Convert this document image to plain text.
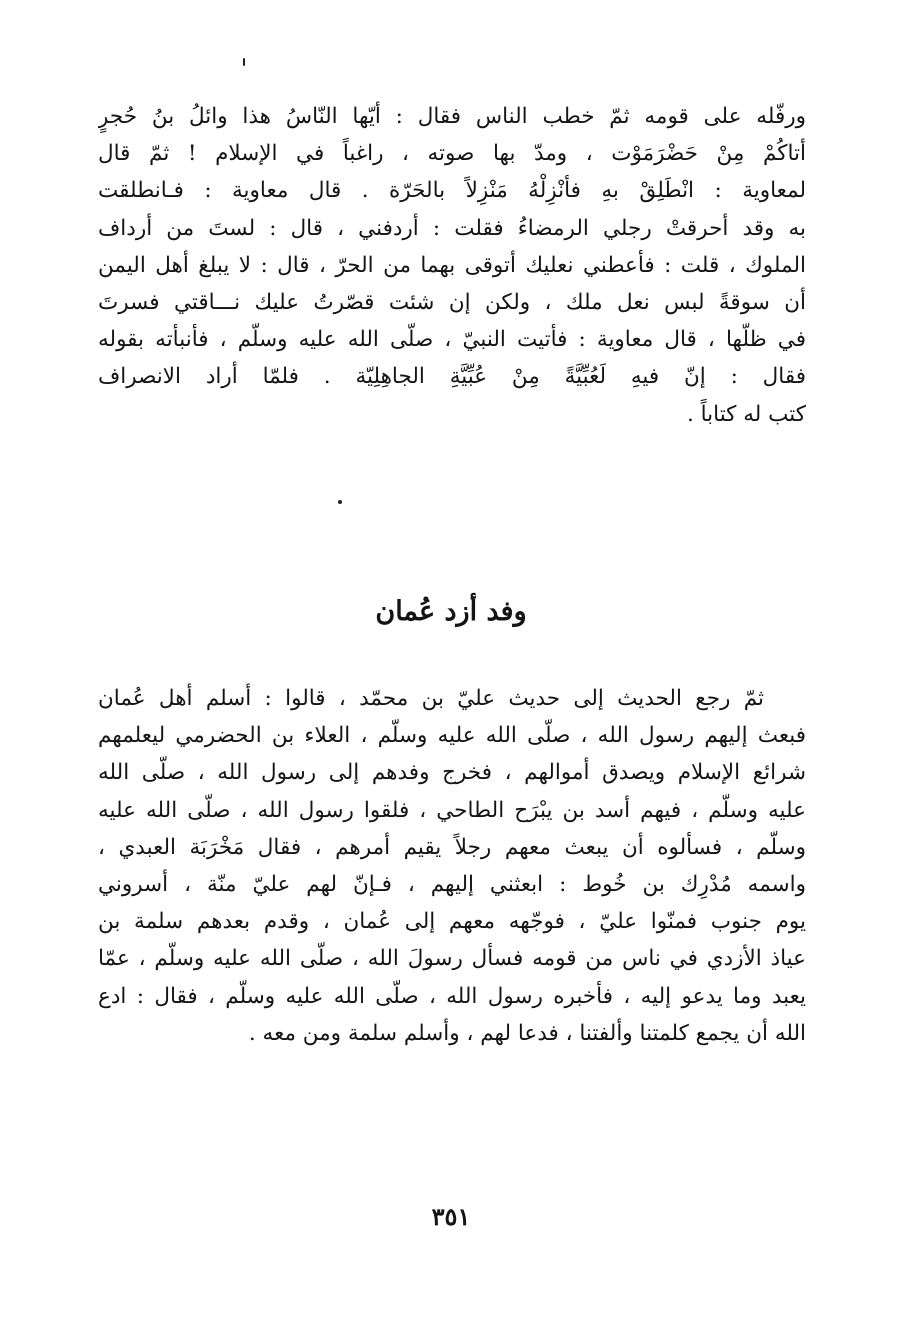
ورفّله على قومه ثمّ خطب الناس فقال : أيّها النّاسُ هذا وائلُ بنُ حُجرٍ
أتاكُمْ مِنْ حَضْرَمَوْت ، ومدّ بها صوته ، راغباً في الإسلام ! ثمّ قال
لمعاوية : انْطَلِقْ بهِ فأنْزِلْهُ مَنْزِلاً بالحَرّة . قال معاوية : فـانطلقت
به وقد أحرقتْ رجلي الرمضاءُ فقلت : أردفني ، قال : لستَ من أرداف
الملوك ، قلت : فأعطني نعليك أتوقى بهما من الحرّ ، قال : لا يبلغ أهل اليمن
أن سوقةً لبس نعل ملك ، ولكن إن شئت قصّرتُ عليك نـــاقتي فسرتَ
في ظلّها ، قال معاوية : فأتيت النبيّ ، صلّى الله عليه وسلّم ، فأنبأته بقوله
فقال : إنّ فيهِ لَعُبِّيَّةً مِنْ عُبِّيَّةِ الجاهِلِيّة . فلمّا أراد الانصراف
كتب له كتاباً .
وفد أزد عُمان
ثمّ رجع الحديث إلى حديث عليّ بن محمّد ، قالوا : أسلم أهل عُمان
فبعث إليهم رسول الله ، صلّى الله عليه وسلّم ، العلاء بن الحضرمي ليعلمهم
شرائع الإسلام ويصدق أموالهم ، فخرج وفدهم إلى رسول الله ، صلّى الله
عليه وسلّم ، فيهم أسد بن يبْرَح الطاحي ، فلقوا رسول الله ، صلّى الله عليه
وسلّم ، فسألوه أن يبعث معهم رجلاً يقيم أمرهم ، فقال مَخْرَبَة العبدي ،
واسمه مُدْرِك بن خُوط : ابعثني إليهم ، فـإنّ لهم عليّ منّة ، أسروني
يوم جنوب فمنّوا عليّ ، فوجّهه معهم إلى عُمان ، وقدم بعدهم سلمة بن
عياذ الأزدي في ناس من قومه فسأل رسولَ الله ، صلّى الله عليه وسلّم ، عمّا
يعبد وما يدعو إليه ، فأخبره رسول الله ، صلّى الله عليه وسلّم ، فقال : ادع
الله أن يجمع كلمتنا وألفتنا ، فدعا لهم ، وأسلم سلمة ومن معه .
٣٥١
